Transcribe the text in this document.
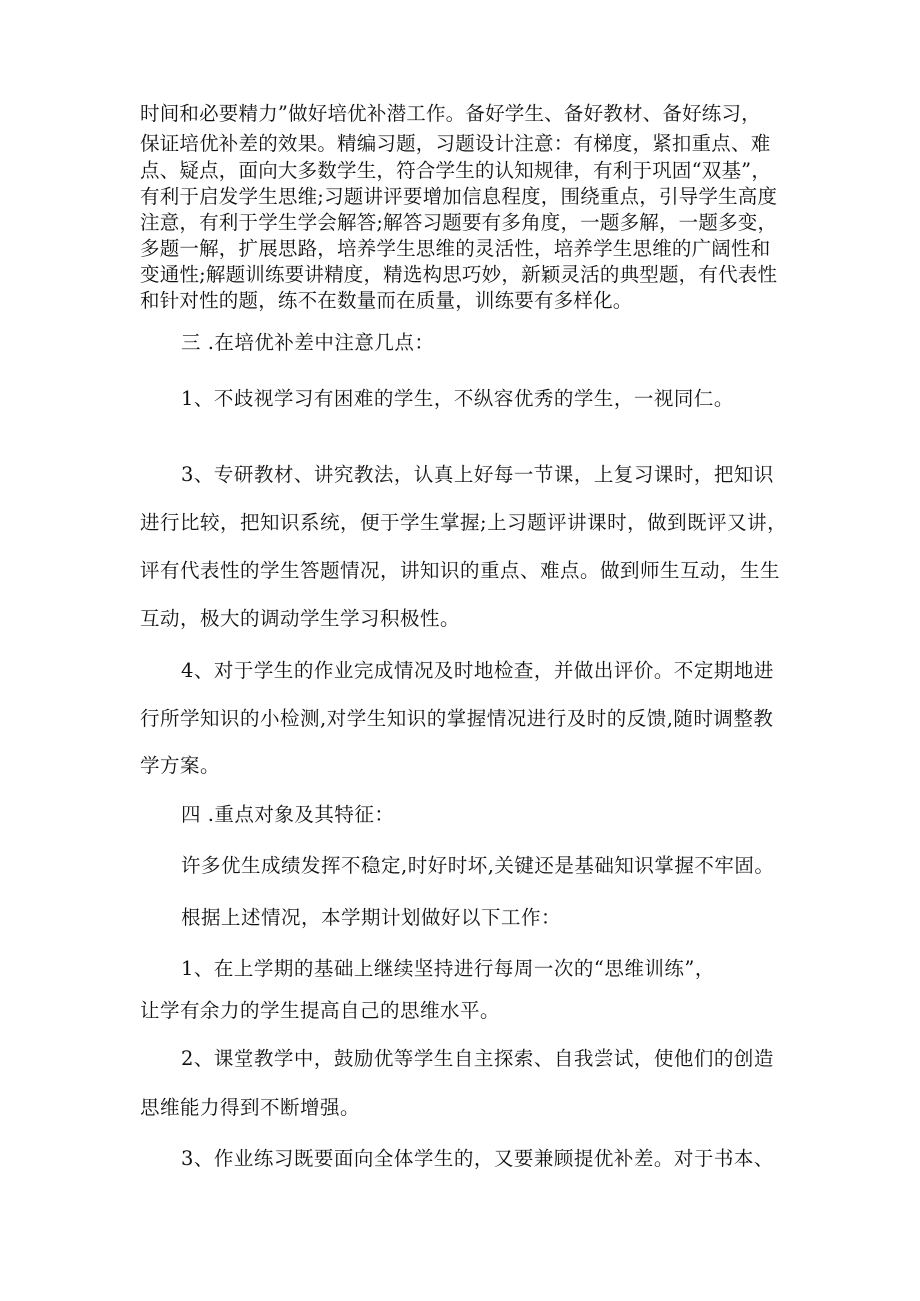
时间和必要精力”做好培优补潜工作。备好学生、备好教材、备好练习，
保证培优补差的效果。精编习题，习题设计注意：有梯度，紧扣重点、难
点、疑点，面向大多数学生，符合学生的认知规律，有利于巩固“双基”，
有利于启发学生思维;习题讲评要增加信息程度，围绕重点，引导学生高度
注意，有利于学生学会解答;解答习题要有多角度，一题多解，一题多变，
多题一解，扩展思路，培养学生思维的灵活性，培养学生思维的广阔性和
变通性;解题训练要讲精度，精选构思巧妙，新颖灵活的典型题，有代表性
和针对性的题，练不在数量而在质量，训练要有多样化。
三 .在培优补差中注意几点：
1、不歧视学习有困难的学生，不纵容优秀的学生，一视同仁。
3、专研教材、讲究教法，认真上好每一节课，上复习课时，把知识
进行比较，把知识系统，便于学生掌握;上习题评讲课时，做到既评又讲，
评有代表性的学生答题情况，讲知识的重点、难点。做到师生互动，生生
互动，极大的调动学生学习积极性。
4、对于学生的作业完成情况及时地检查，并做出评价。不定期地进
行所学知识的小检测,对学生知识的掌握情况进行及时的反馈,随时调整教
学方案。
四 .重点对象及其特征：
许多优生成绩发挥不稳定,时好时坏,关键还是基础知识掌握不牢固。
根据上述情况，本学期计划做好以下工作：
1、在上学期的基础上继续坚持进行每周一次的“思维训练”，
让学有余力的学生提高自己的思维水平。
2、课堂教学中，鼓励优等学生自主探索、自我尝试，使他们的创造
思维能力得到不断增强。
3、作业练习既要面向全体学生的，又要兼顾提优补差。对于书本、
